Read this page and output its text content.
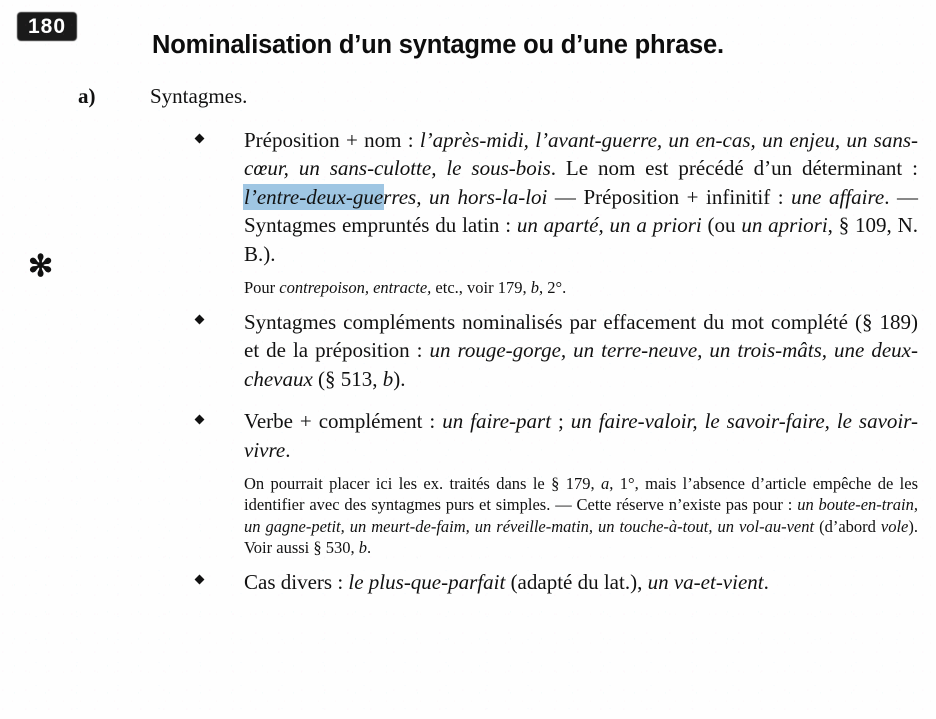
180
Nominalisation d’un syntagme ou d’une phrase.
✻
a)	Syntagmes.
Préposition + nom : l’après-midi, l’avant-guerre, un en-cas, un enjeu, un sans-cœur, un sans-culotte, le sous-bois. Le nom est précédé d’un déterminant : l’entre-deux-guerres, un hors-la-loi — Préposition + infinitif : une affaire. — Syntagmes empruntés du latin : un aparté, un a priori (ou un apriori, § 109, N. B.).
Pour contrepoison, entracte, etc., voir 179, b, 2°.
Syntagmes compléments nominalisés par effacement du mot complété (§ 189) et de la préposition : un rouge-gorge, un terre-neuve, un trois-mâts, une deux-chevaux (§ 513, b).
Verbe + complément : un faire-part ; un faire-valoir, le savoir-faire, le savoir-vivre.
On pourrait placer ici les ex. traités dans le § 179, a, 1°, mais l’absence d’article empêche de les identifier avec des syntagmes purs et simples. — Cette réserve n’existe pas pour : un boute-en-train, un gagne-petit, un meurt-de-faim, un réveille-matin, un touche-à-tout, un vol-au-vent (d’abord vole). Voir aussi § 530, b.
Cas divers : le plus-que-parfait (adapté du lat.), un va-et-vient.
